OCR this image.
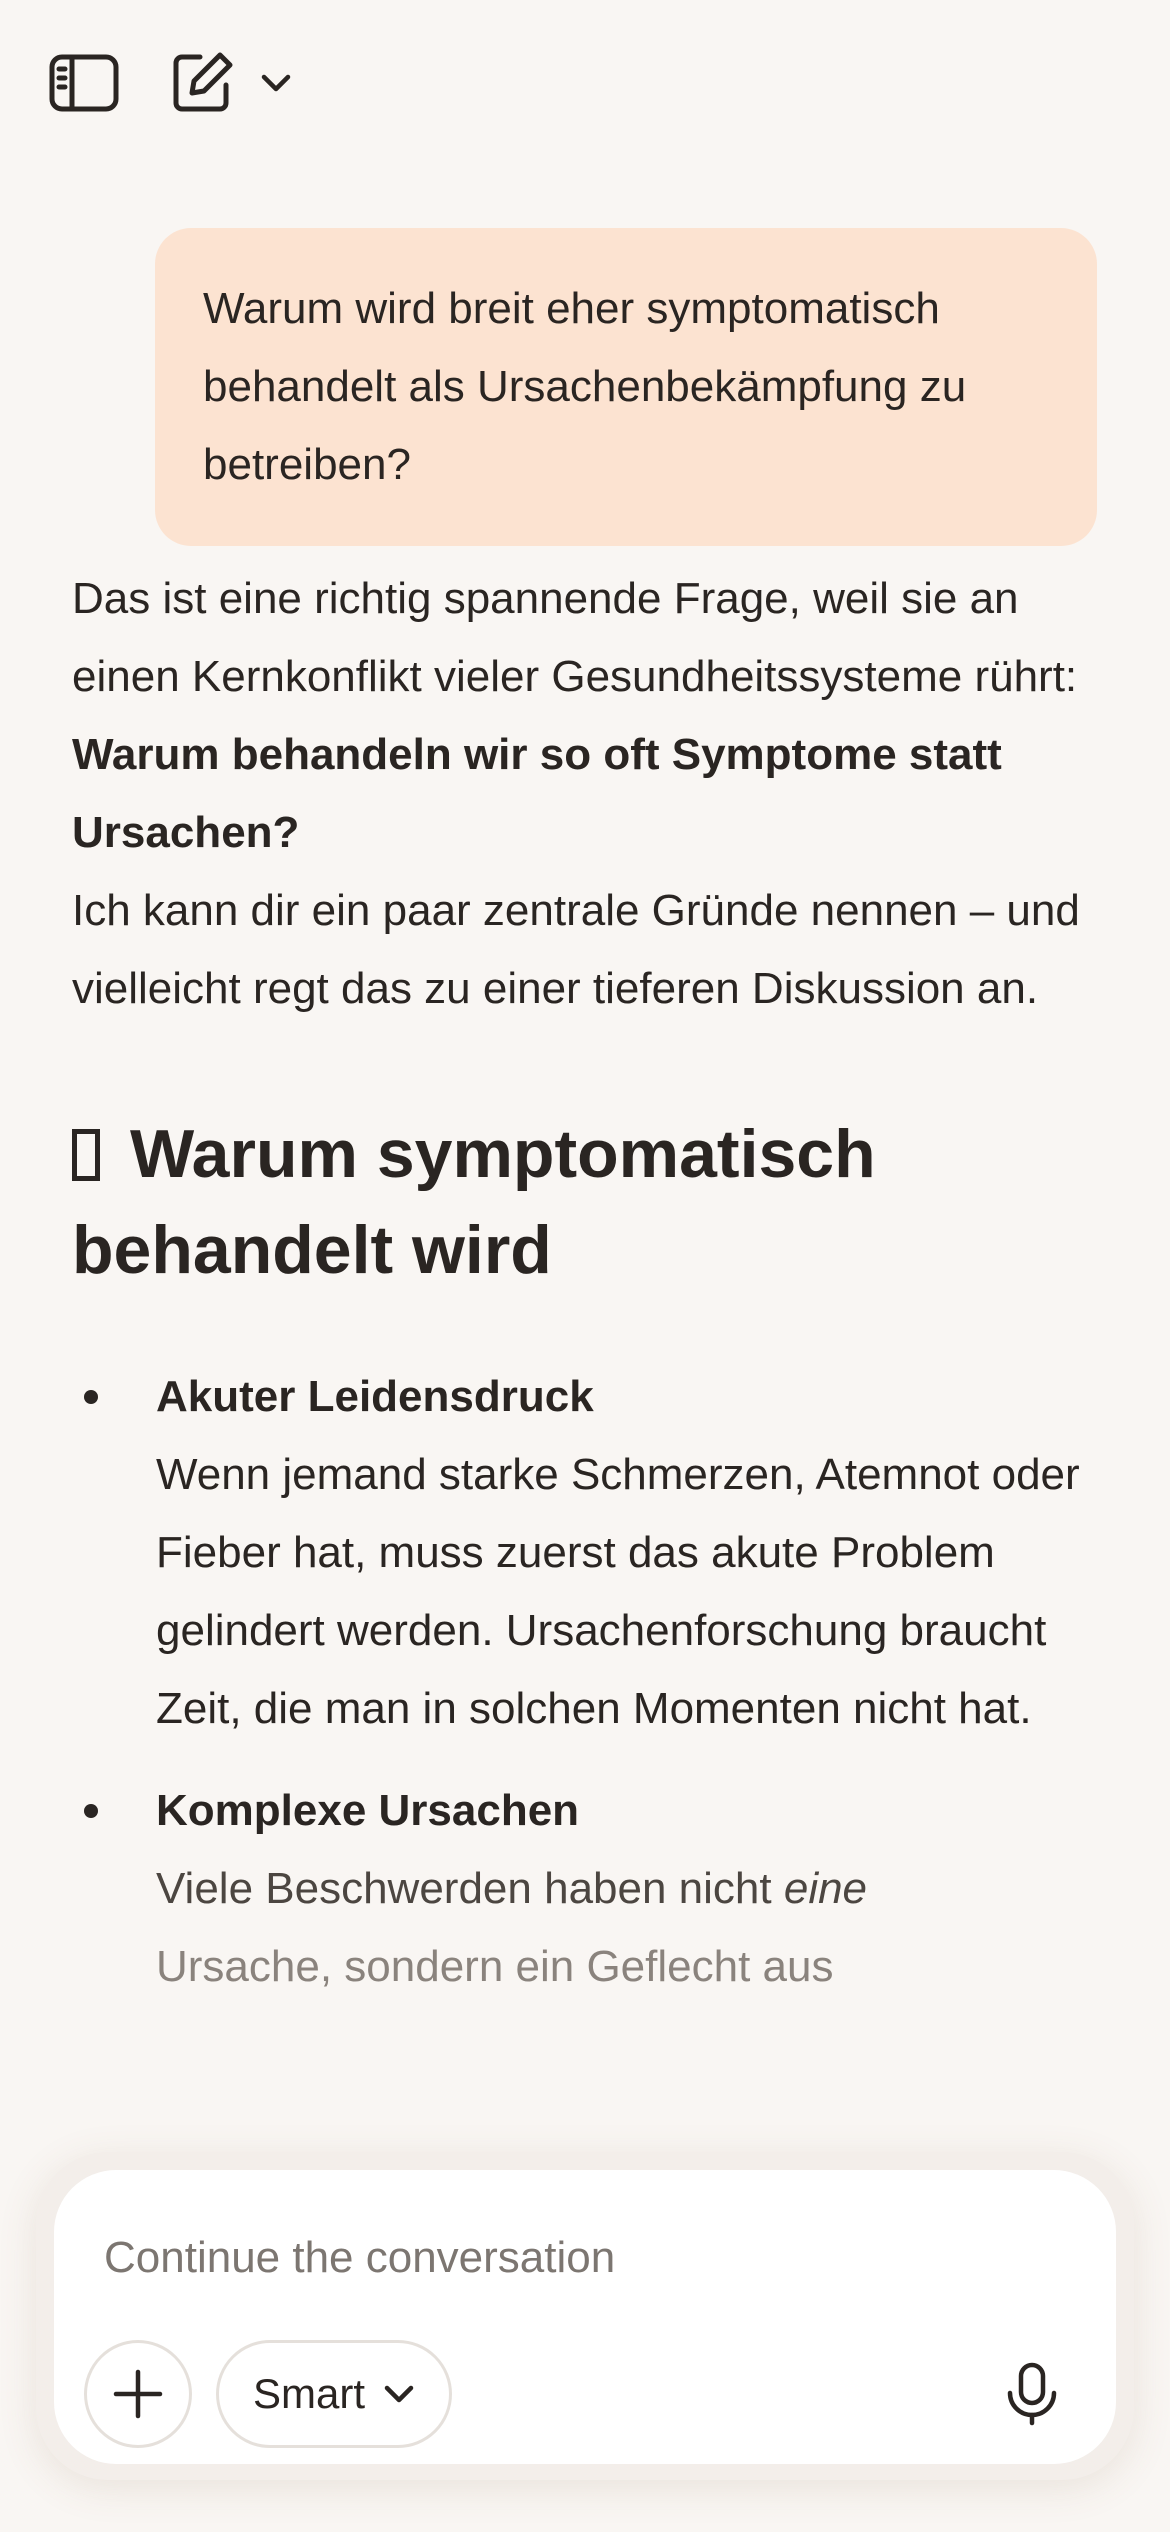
Warum wird breit eher symptomatisch behandelt als Ursachenbekämpfung zu betreiben?

Das ist eine richtig spannende Frage, weil sie an einen Kernkonflikt vieler Gesundheitssysteme rührt: Warum behandeln wir so oft Symptome statt Ursachen?
Ich kann dir ein paar zentrale Gründe nennen – und vielleicht regt das zu einer tieferen Diskussion an.

Warum symptomatisch behandelt wird
Akuter Leidensdruck
Wenn jemand starke Schmerzen, Atemnot oder Fieber hat, muss zuerst das akute Problem gelindert werden. Ursachenforschung braucht Zeit, die man in solchen Momenten nicht hat.
Komplexe Ursachen
Viele Beschwerden haben nicht eine
Ursache, sondern ein Geflecht aus
Continue the conversation
Smart
